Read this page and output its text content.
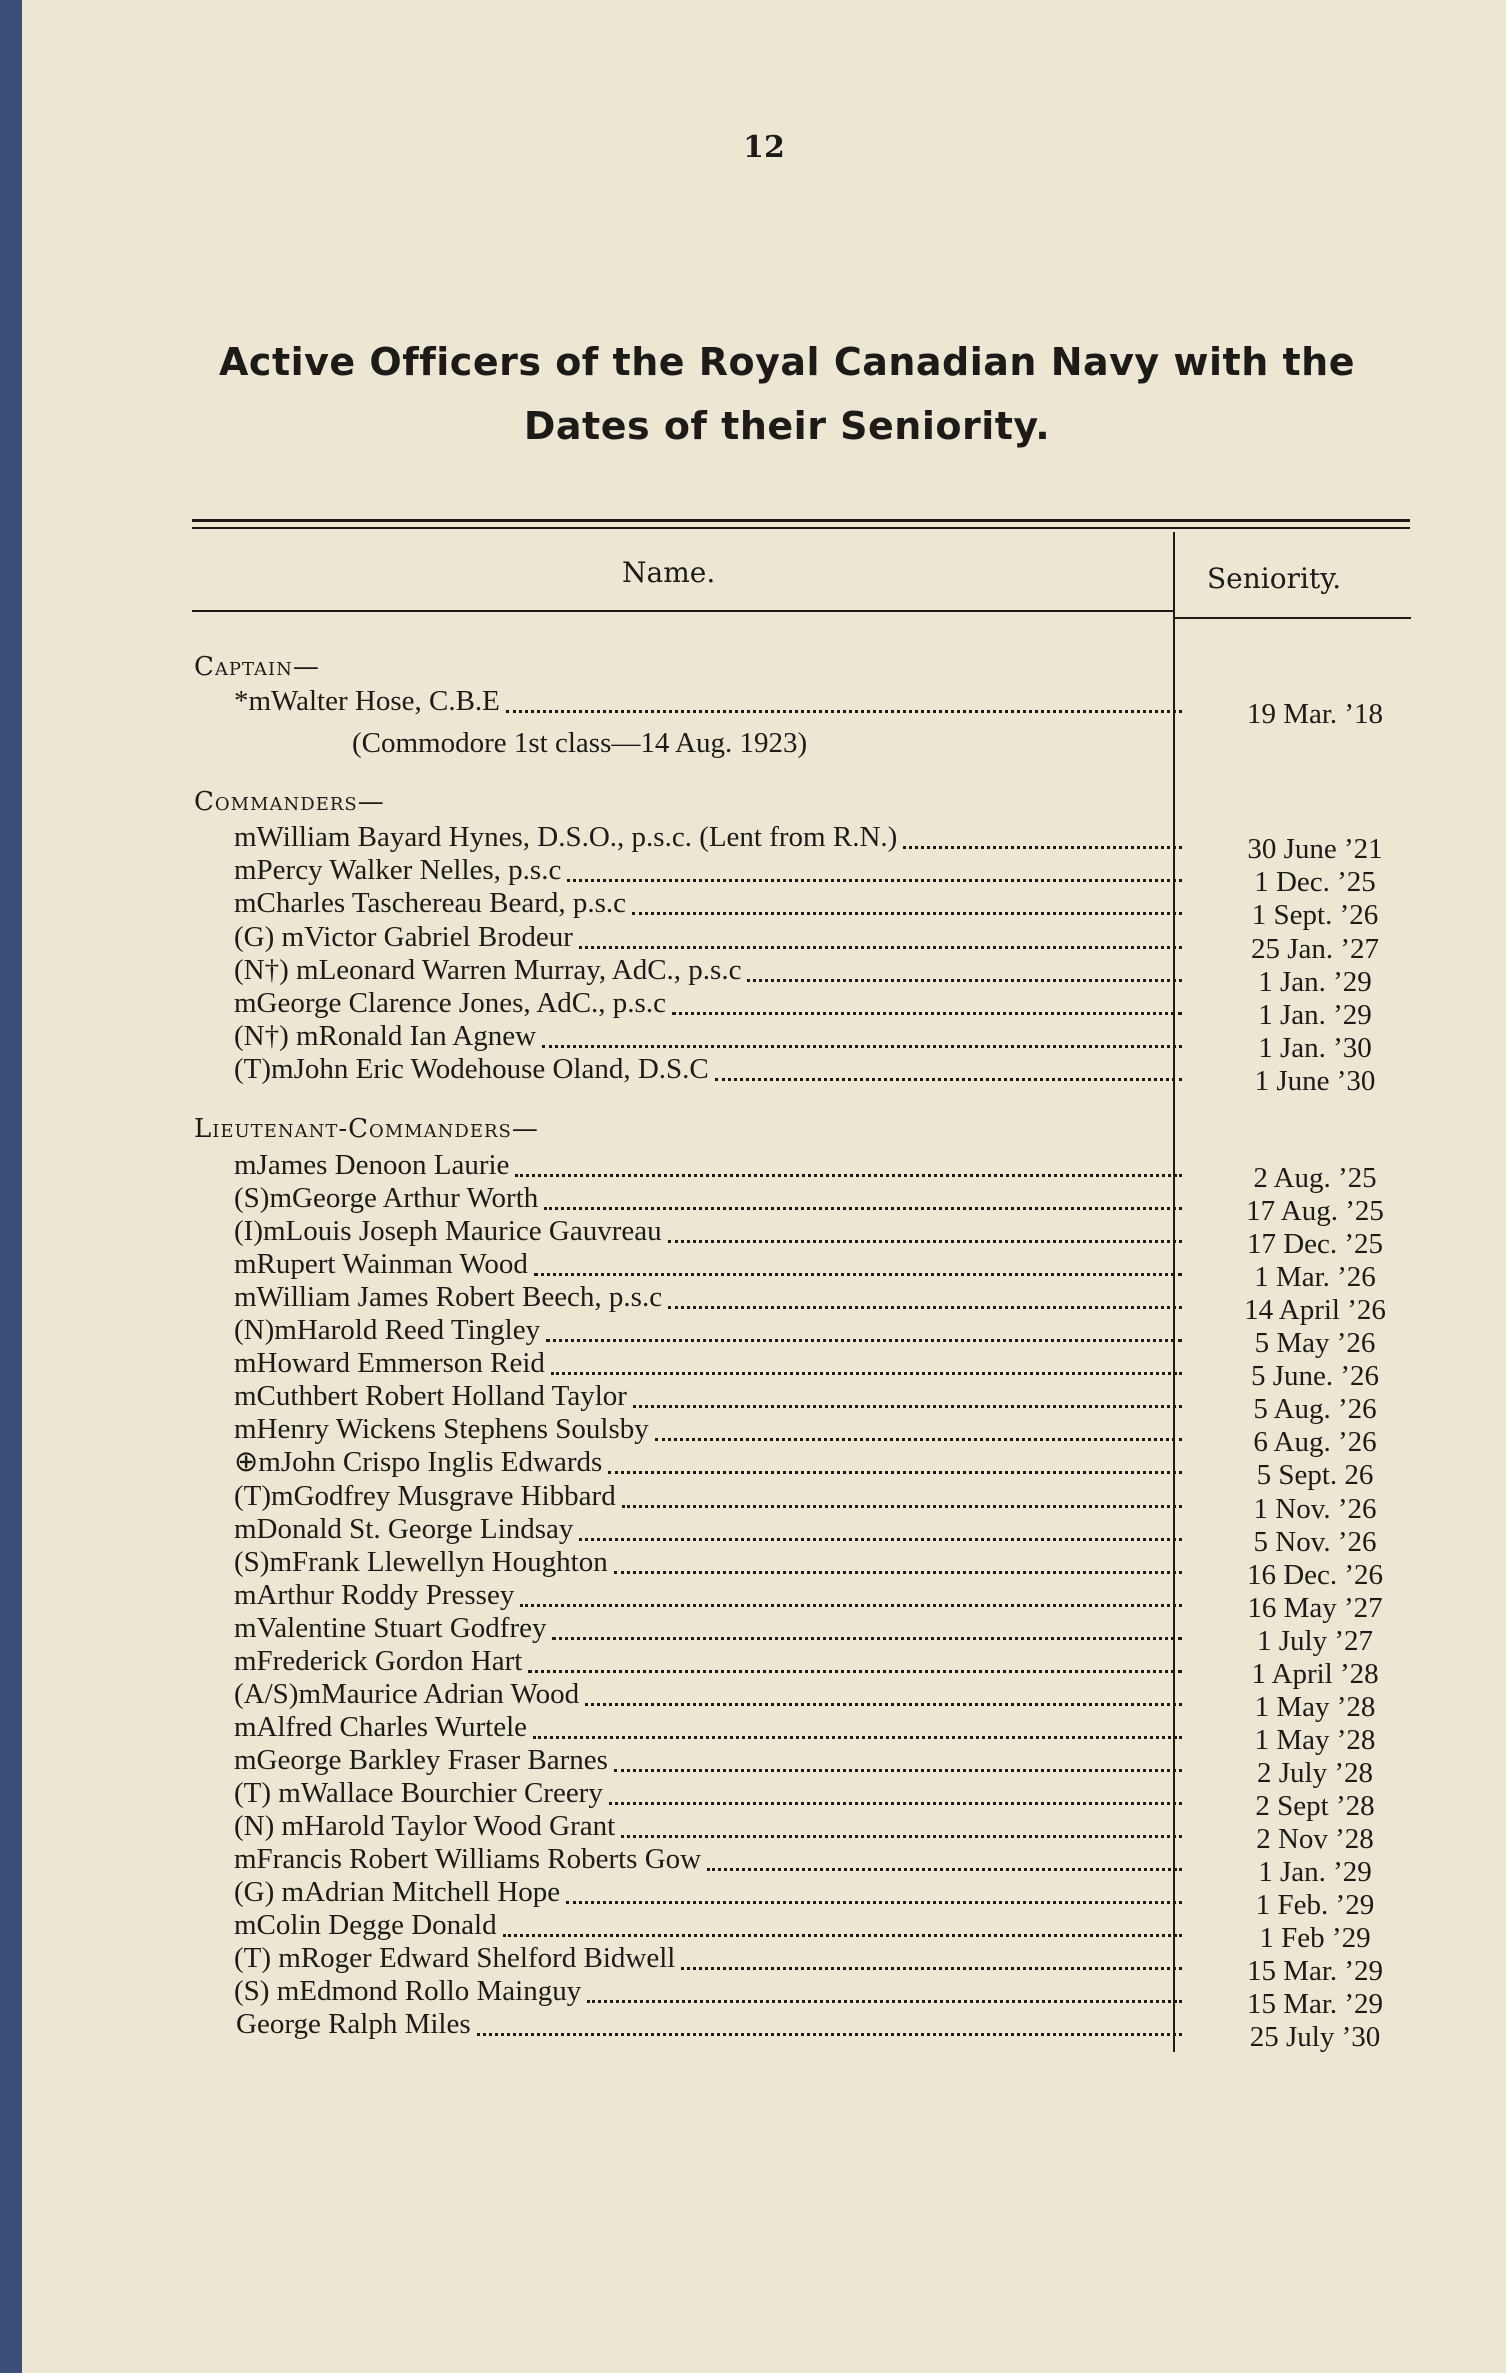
12
Active Officers of the Royal Canadian Navy with the
Dates of their Seniority.
Name.	Seniority.
Captain—
*mWalter Hose, C.B.E	19 Mar. ’18
(Commodore 1st class—14 Aug. 1923)
Commanders—
mWilliam Bayard Hynes, D.S.O., p.s.c. (Lent from R.N.)	30 June ’21
mPercy Walker Nelles, p.s.c	1 Dec. ’25
mCharles Taschereau Beard, p.s.c	1 Sept. ’26
(G) mVictor Gabriel Brodeur	25 Jan. ’27
(N†) mLeonard Warren Murray, AdC., p.s.c	1 Jan. ’29
mGeorge Clarence Jones, AdC., p.s.c	1 Jan. ’29
(N†) mRonald Ian Agnew	1 Jan. ’30
(T)mJohn Eric Wodehouse Oland, D.S.C	1 June ’30
Lieutenant-Commanders—
mJames Denoon Laurie	2 Aug. ’25
(S)mGeorge Arthur Worth	17 Aug. ’25
(I)mLouis Joseph Maurice Gauvreau	17 Dec. ’25
mRupert Wainman Wood	1 Mar. ’26
mWilliam James Robert Beech, p.s.c	14 April ’26
(N)mHarold Reed Tingley	5 May ’26
mHoward Emmerson Reid	5 June. ’26
mCuthbert Robert Holland Taylor	5 Aug. ’26
mHenry Wickens Stephens Soulsby	6 Aug. ’26
⊕mJohn Crispo Inglis Edwards	5 Sept. 26
(T)mGodfrey Musgrave Hibbard	1 Nov. ’26
mDonald St. George Lindsay	5 Nov. ’26
(S)mFrank Llewellyn Houghton	16 Dec. ’26
mArthur Roddy Pressey	16 May ’27
mValentine Stuart Godfrey	1 July ’27
mFrederick Gordon Hart	1 April ’28
(A/S)mMaurice Adrian Wood	1 May ’28
mAlfred Charles Wurtele	1 May ’28
mGeorge Barkley Fraser Barnes	2 July ’28
(T) mWallace Bourchier Creery	2 Sept ’28
(N) mHarold Taylor Wood Grant	2 Nov ’28
mFrancis Robert Williams Roberts Gow	1 Jan. ’29
(G) mAdrian Mitchell Hope	1 Feb. ’29
mColin Degge Donald	1 Feb ’29
(T) mRoger Edward Shelford Bidwell	15 Mar. ’29
(S) mEdmond Rollo Mainguy	15 Mar. ’29
George Ralph Miles	25 July ’30
